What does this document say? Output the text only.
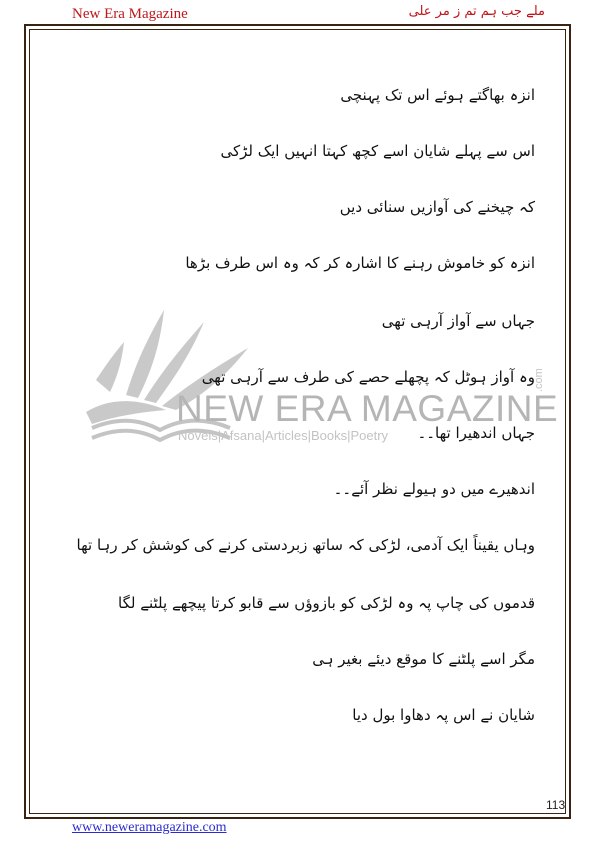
New Era Magazine	ملے جب ہم تم ز مر علی
NEW ERA MAGAZINE
Novels|Afsana|Articles|Books|Poetry
.com
انزہ بھاگتے ہوئے اس تک پہنچی
اس سے پہلے شایان اسے کچھ کہتا انہیں ایک لڑکی
کہ چیخنے کی آوازیں سنائی دیں
انزہ کو خاموش رہنے کا اشارہ کر کہ وہ اس طرف بڑھا
جہاں سے آواز آرہی تھی
وہ آواز ہوٹل کہ پچھلے حصے کی طرف سے آرہی تھی
جہاں اندھیرا تھا۔۔
اندھیرے میں دو ہیولے نظر آئے۔۔
وہاں یقیناً ایک آدمی، لڑکی کہ ساتھ زبردستی کرنے کی کوشش کر رہا تھا
قدموں کی چاپ پہ وہ لڑکی کو بازوؤں سے قابو کرتا پیچھے پلٹنے لگا
مگر اسے پلٹنے کا موقع دیئے بغیر ہی
شایان نے اس پہ دھاوا بول دیا
113
www.neweramagazine.com
